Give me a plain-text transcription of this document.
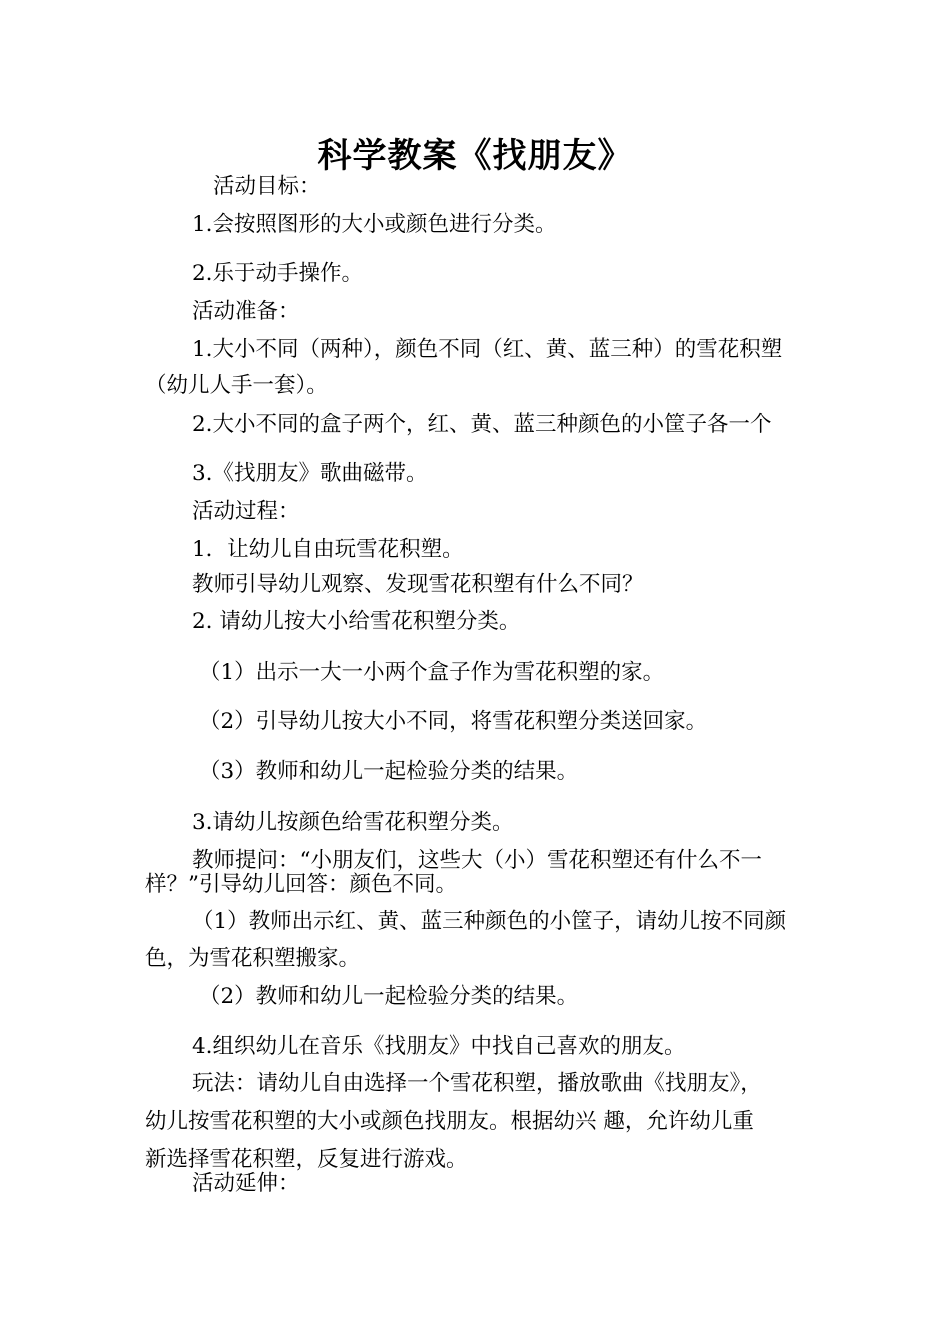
科学教案《找朋友》
活动目标：
1.会按照图形的大小或颜色进行分类。
2.乐于动手操作。
活动准备：
1.大小不同（两种），颜色不同（红、黄、蓝三种）的雪花积塑
（幼儿人手一套）。
2.大小不同的盒子两个，红、黄、蓝三种颜色的小筐子各一个
3.《找朋友》歌曲磁带。
活动过程：
1．让幼儿自由玩雪花积塑。
教师引导幼儿观察、发现雪花积塑有什么不同？
2. 请幼儿按大小给雪花积塑分类。
（1）出示一大一小两个盒子作为雪花积塑的家。
（2）引导幼儿按大小不同，将雪花积塑分类送回家。
（3）教师和幼儿一起检验分类的结果。
3.请幼儿按颜色给雪花积塑分类。
教师提问：“小朋友们，这些大（小）雪花积塑还有什么不一
样？”引导幼儿回答：颜色不同。
（1）教师出示红、黄、蓝三种颜色的小筐子，请幼儿按不同颜
色，为雪花积塑搬家。
（2）教师和幼儿一起检验分类的结果。
4.组织幼儿在音乐《找朋友》中找自己喜欢的朋友。
玩法：请幼儿自由选择一个雪花积塑，播放歌曲《找朋友》，
幼儿按雪花积塑的大小或颜色找朋友。根据幼兴 趣，允许幼儿重
新选择雪花积塑，反复进行游戏。
活动延伸：
